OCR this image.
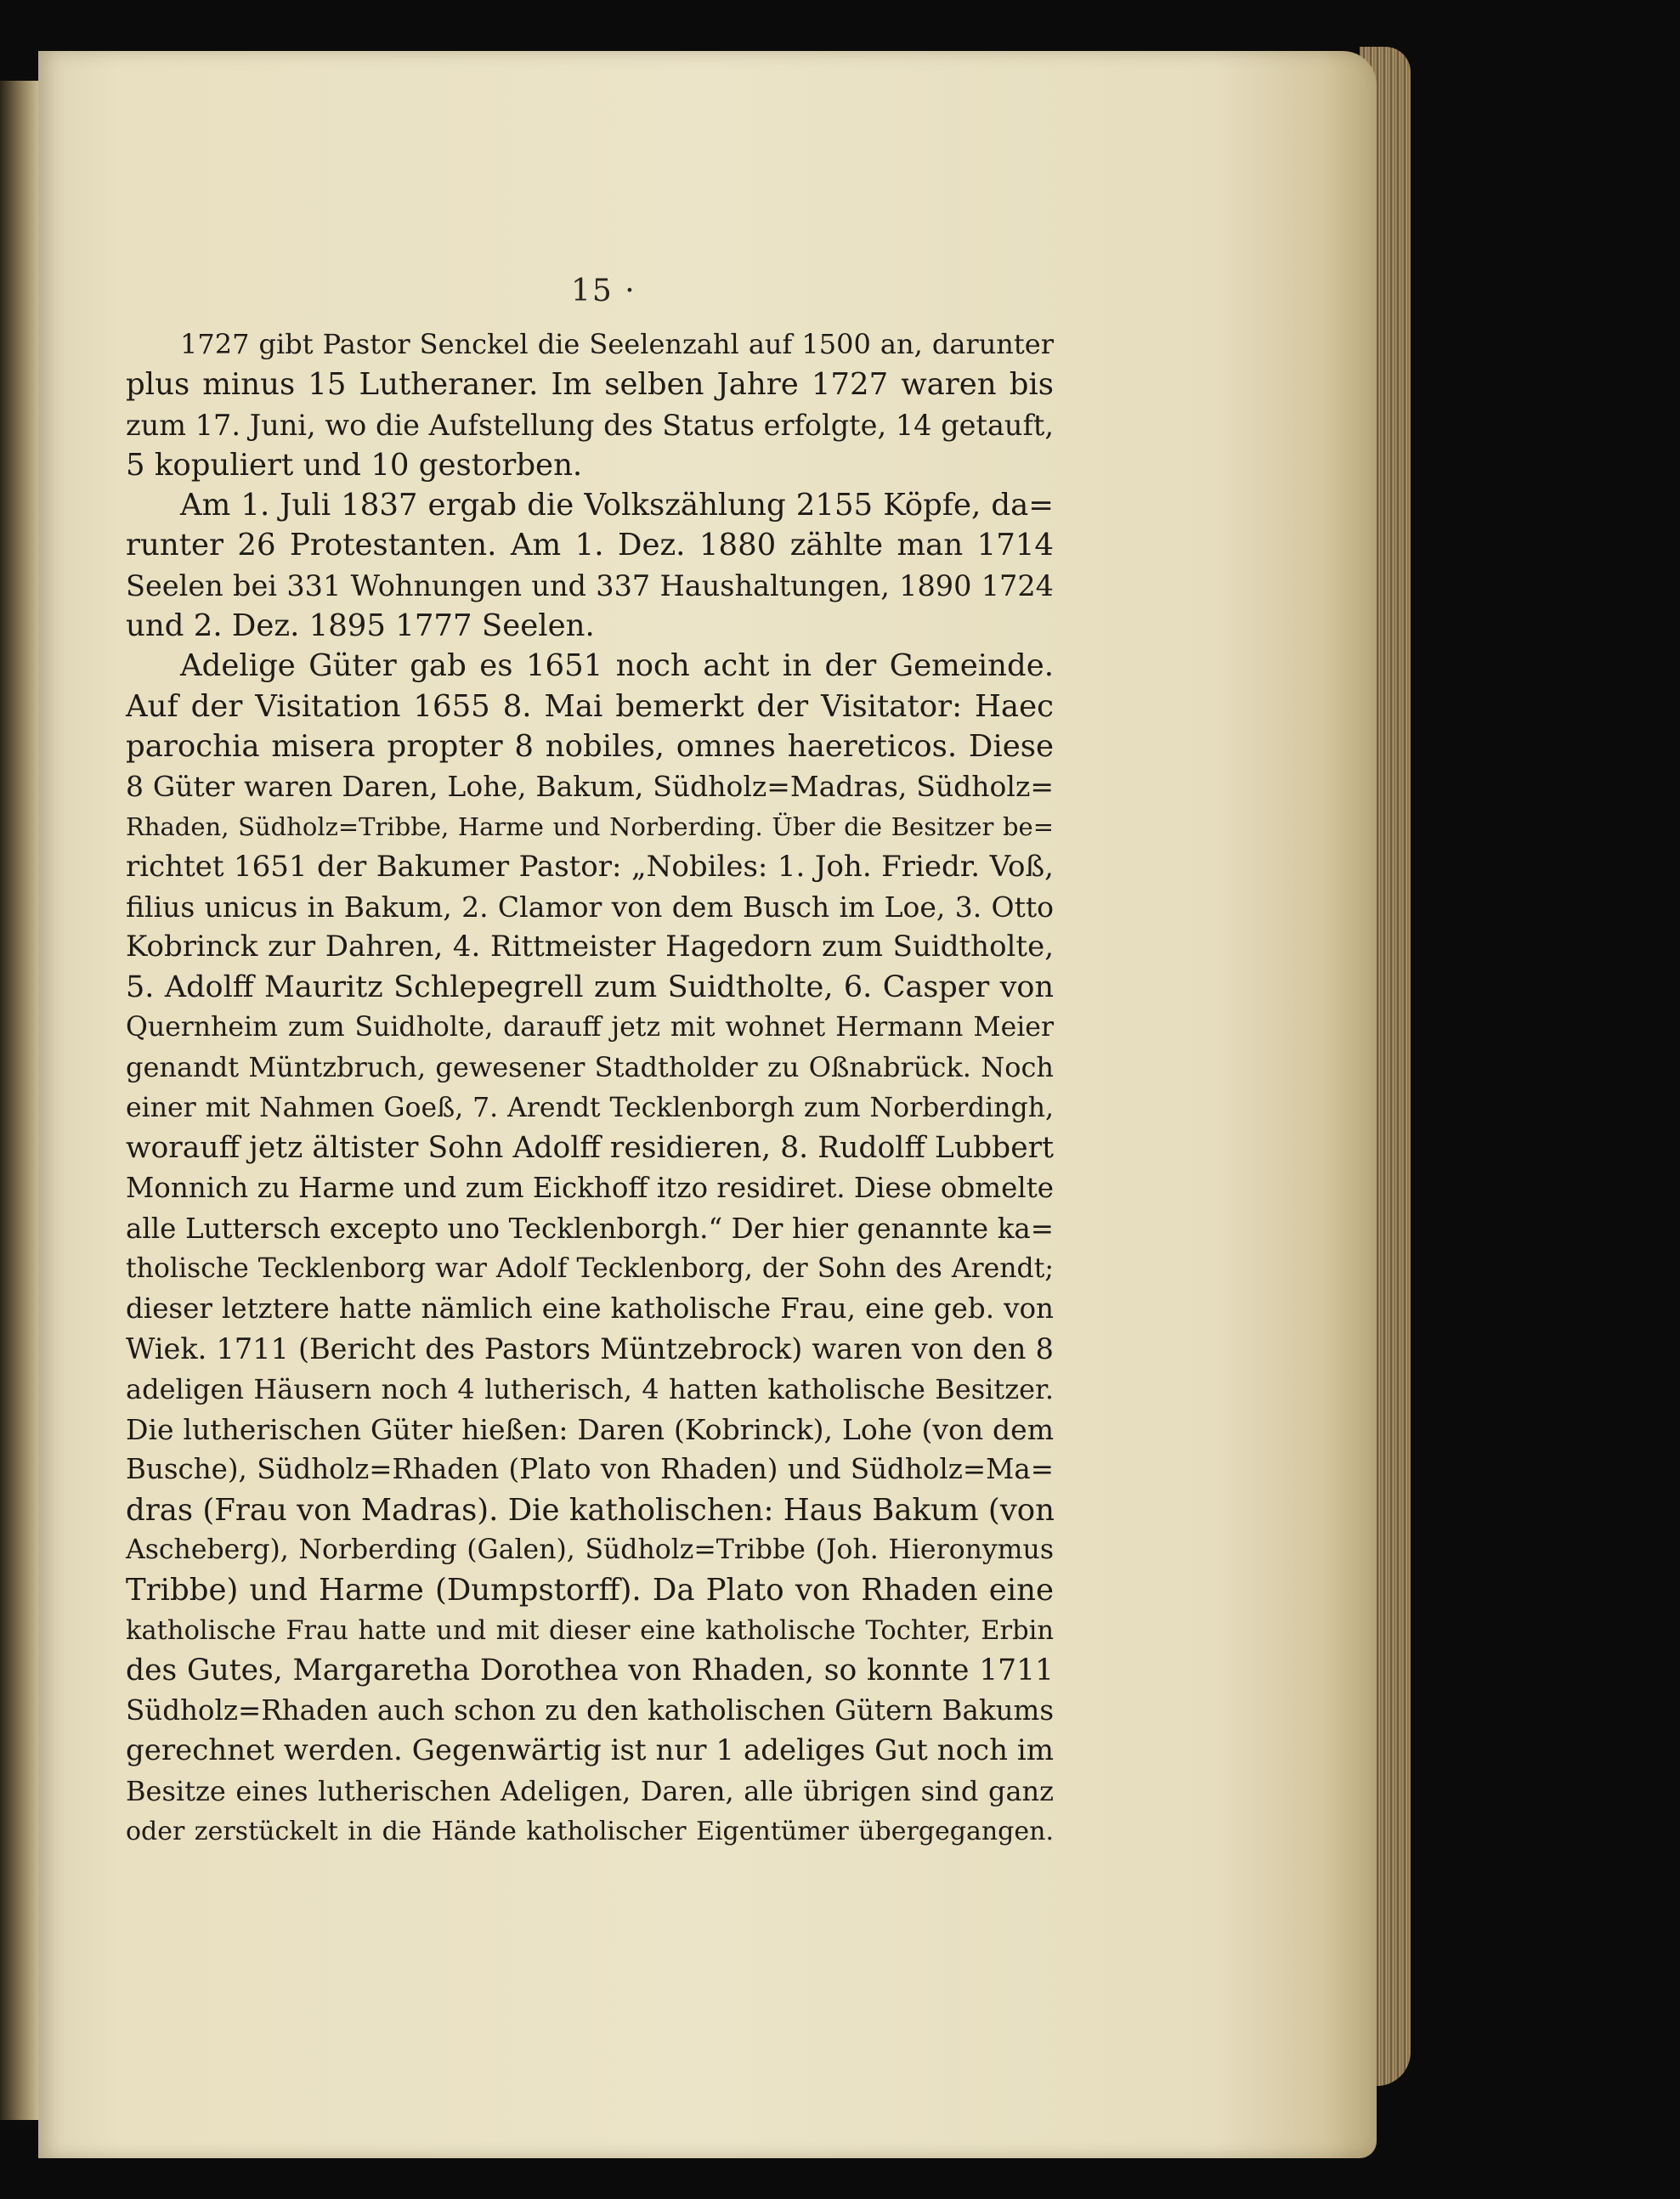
15 ·
1727 gibt Pastor Senckel die Seelenzahl auf 1500 an, darunter
plus minus 15 Lutheraner. Im selben Jahre 1727 waren bis
zum 17. Juni, wo die Aufstellung des Status erfolgte, 14 getauft,
5 kopuliert und 10 gestorben.
Am 1. Juli 1837 ergab die Volkszählung 2155 Köpfe, da=
runter 26 Protestanten. Am 1. Dez. 1880 zählte man 1714
Seelen bei 331 Wohnungen und 337 Haushaltungen, 1890 1724
und 2. Dez. 1895 1777 Seelen.
Adelige Güter gab es 1651 noch acht in der Gemeinde.
Auf der Visitation 1655 8. Mai bemerkt der Visitator: Haec
parochia misera propter 8 nobiles, omnes haereticos. Diese
8 Güter waren Daren, Lohe, Bakum, Südholz=Madras, Südholz=
Rhaden, Südholz=Tribbe, Harme und Norberding. Über die Besitzer be=
richtet 1651 der Bakumer Pastor: „Nobiles: 1. Joh. Friedr. Voß,
filius unicus in Bakum, 2. Clamor von dem Busch im Loe, 3. Otto
Kobrinck zur Dahren, 4. Rittmeister Hagedorn zum Suidtholte,
5. Adolff Mauritz Schlepegrell zum Suidtholte, 6. Casper von
Quernheim zum Suidholte, darauff jetz mit wohnet Hermann Meier
genandt Müntzbruch, gewesener Stadtholder zu Oßnabrück. Noch
einer mit Nahmen Goeß, 7. Arendt Tecklenborgh zum Norberdingh,
worauff jetz ältister Sohn Adolff residieren, 8. Rudolff Lubbert
Monnich zu Harme und zum Eickhoff itzo residiret. Diese obmelte
alle Luttersch excepto uno Tecklenborgh.“ Der hier genannte ka=
tholische Tecklenborg war Adolf Tecklenborg, der Sohn des Arendt;
dieser letztere hatte nämlich eine katholische Frau, eine geb. von
Wiek. 1711 (Bericht des Pastors Müntzebrock) waren von den 8
adeligen Häusern noch 4 lutherisch, 4 hatten katholische Besitzer.
Die lutherischen Güter hießen: Daren (Kobrinck), Lohe (von dem
Busche), Südholz=Rhaden (Plato von Rhaden) und Südholz=Ma=
dras (Frau von Madras). Die katholischen: Haus Bakum (von
Ascheberg), Norberding (Galen), Südholz=Tribbe (Joh. Hieronymus
Tribbe) und Harme (Dumpstorff). Da Plato von Rhaden eine
katholische Frau hatte und mit dieser eine katholische Tochter, Erbin
des Gutes, Margaretha Dorothea von Rhaden, so konnte 1711
Südholz=Rhaden auch schon zu den katholischen Gütern Bakums
gerechnet werden. Gegenwärtig ist nur 1 adeliges Gut noch im
Besitze eines lutherischen Adeligen, Daren, alle übrigen sind ganz
oder zerstückelt in die Hände katholischer Eigentümer übergegangen.
